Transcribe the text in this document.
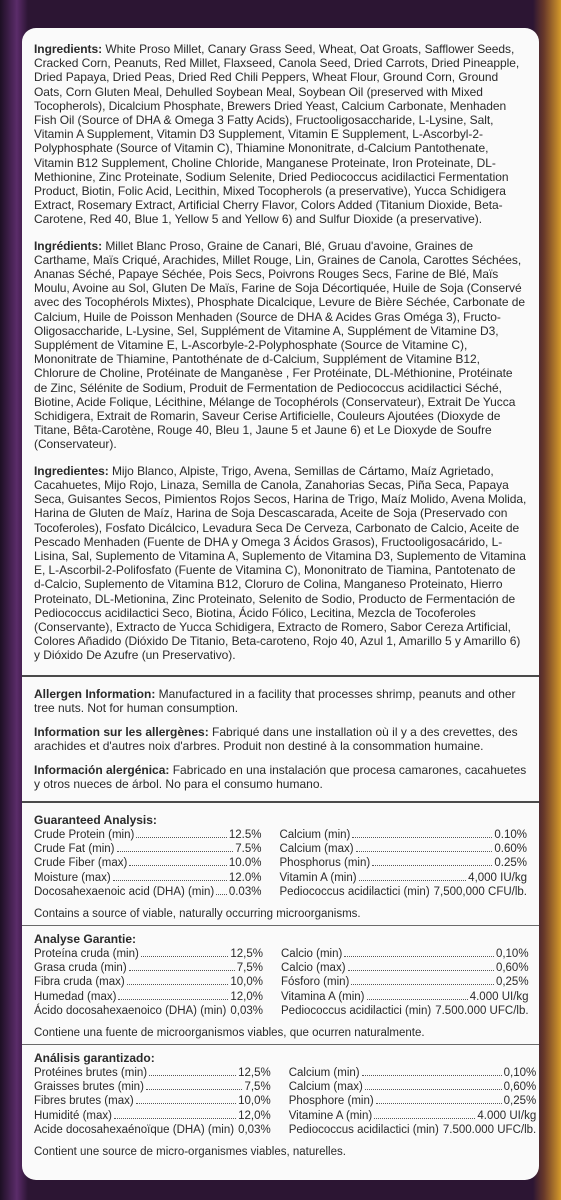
Ingredients: White Proso Millet, Canary Grass Seed, Wheat, Oat Groats, Safflower Seeds, Cracked Corn, Peanuts, Red Millet, Flaxseed, Canola Seed, Dried Carrots, Dried Pineapple, Dried Papaya, Dried Peas, Dried Red Chili Peppers, Wheat Flour, Ground Corn, Ground Oats, Corn Gluten Meal, Dehulled Soybean Meal, Soybean Oil (preserved with Mixed Tocopherols), Dicalcium Phosphate, Brewers Dried Yeast, Calcium Carbonate, Menhaden Fish Oil (Source of DHA & Omega 3 Fatty Acids), Fructooligosaccharide, L-Lysine, Salt, Vitamin A Supplement, Vitamin D3 Supplement, Vitamin E Supplement, L-Ascorbyl-2-Polyphosphate (Source of Vitamin C), Thiamine Mononitrate, d-Calcium Pantothenate, Vitamin B12 Supplement, Choline Chloride, Manganese Proteinate, Iron Proteinate, DL-Methionine, Zinc Proteinate, Sodium Selenite, Dried Pediococcus acidilactici Fermentation Product, Biotin, Folic Acid, Lecithin, Mixed Tocopherols (a preservative), Yucca Schidigera Extract, Rosemary Extract, Artificial Cherry Flavor, Colors Added (Titanium Dioxide, Beta-Carotene, Red 40, Blue 1, Yellow 5 and Yellow 6) and Sulfur Dioxide (a preservative).

Ingrédients: Millet Blanc Proso, Graine de Canari, Blé, Gruau d'avoine, Graines de Carthame, Maïs Criqué, Arachides, Millet Rouge, Lin, Graines de Canola, Carottes Séchées, Ananas Séché, Papaye Séchée, Pois Secs, Poivrons Rouges Secs, Farine de Blé, Maïs Moulu, Avoine au Sol, Gluten De Maïs, Farine de Soja Décortiquée, Huile de Soja (Conservé avec des Tocophérols Mixtes), Phosphate Dicalcique, Levure de Bière Séchée, Carbonate de Calcium, Huile de Poisson Menhaden (Source de DHA & Acides Gras Oméga 3), Fructo-Oligosaccharide, L-Lysine, Sel, Supplément de Vitamine A, Supplément de Vitamine D3, Supplément de Vitamine E, L-Ascorbyle-2-Polyphosphate (Source de Vitamine C), Mononitrate de Thiamine, Pantothénate de d-Calcium, Supplément de Vitamine B12, Chlorure de Choline, Protéinate de Manganèse , Fer Protéinate, DL-Méthionine, Protéinate de Zinc, Sélénite de Sodium, Produit de Fermentation de Pediococcus acidilactici Séché, Biotine, Acide Folique, Lécithine, Mélange de Tocophérols (Conservateur), Extrait De Yucca Schidigera, Extrait de Romarin, Saveur Cerise Artificielle, Couleurs Ajoutées (Dioxyde de Titane, Bêta-Carotène, Rouge 40, Bleu 1, Jaune 5 et Jaune 6) et Le Dioxyde de Soufre (Conservateur).

Ingredientes: Mijo Blanco, Alpiste, Trigo, Avena, Semillas de Cártamo, Maíz Agrietado, Cacahuetes, Mijo Rojo, Linaza, Semilla de Canola, Zanahorias Secas, Piña Seca, Papaya Seca, Guisantes Secos, Pimientos Rojos Secos, Harina de Trigo, Maíz Molido, Avena Molida, Harina de Gluten de Maíz, Harina de Soja Descascarada, Aceite de Soja (Preservado con Tocoferoles), Fosfato Dicálcico, Levadura Seca De Cerveza, Carbonato de Calcio, Aceite de Pescado Menhaden (Fuente de DHA y Omega 3 Ácidos Grasos), Fructooligosacárido, L-Lisina, Sal, Suplemento de Vitamina A, Suplemento de Vitamina D3, Suplemento de Vitamina E, L-Ascorbil-2-Polifosfato (Fuente de Vitamina C), Mononitrato de Tiamina, Pantotenato de d-Calcio, Suplemento de Vitamina B12, Cloruro de Colina, Manganeso Proteinato, Hierro Proteinato, DL-Metionina, Zinc Proteinato, Selenito de Sodio, Producto de Fermentación de Pediococcus acidilactici Seco, Biotina, Ácido Fólico, Lecitina, Mezcla de Tocoferoles (Conservante), Extracto de Yucca Schidigera, Extracto de Romero, Sabor Cereza Artificial, Colores Añadido (Dióxido De Titanio, Beta-caroteno, Rojo 40, Azul 1, Amarillo 5 y Amarillo 6) y Dióxido De Azufre (un Preservativo).

Allergen Information: Manufactured in a facility that processes shrimp, peanuts and other tree nuts. Not for human consumption.

Information sur les allergènes: Fabriqué dans une installation où il y a des crevettes, des arachides et d'autres noix d'arbres. Produit non destiné à la consommation humaine.

Información alergénica: Fabricado en una instalación que procesa camarones, cacahuetes y otros nueces de árbol. No para el consumo humano.

Guaranteed Analysis:
Crude Protein (min)	12.5%
Crude Fat (min)	7.5%
Crude Fiber (max)	10.0%
Moisture (max)	12.0%
Docosahexaenoic acid (DHA) (min) 0.03%
Calcium (min)	0.10%
Calcium (max)	0.60%
Phosphorus (min)	0.25%
Vitamin A (min)	4,000 IU/kg
Pediococcus acidilactici (min) 7,500,000 CFU/lb.

Contains a source of viable, naturally occurring microorganisms.

Analyse Garantie:
Proteína cruda (min)	12,5%
Grasa cruda (min)	7,5%
Fibra cruda (max)	10,0%
Humedad (max)	12,0%
Ácido docosahexaenoico (DHA) (min) 0,03%
Calcio (min)	0,10%
Calcio (max)	0,60%
Fósforo (min)	0,25%
Vitamina A (min)	4.000 UI/kg
Pediococcus acidilactici (min) 7.500.000 UFC/lb.

Contiene una fuente de microorganismos viables, que ocurren naturalmente.

Análisis garantizado:
Protéines brutes (min)	12,5%
Graisses brutes (min)	7,5%
Fibres brutes (max)	10,0%
Humidité (max)	12,0%
Acide docosahexaénoïque (DHA) (min) 0,03%
Calcium (min)	0,10%
Calcium (max)	0,60%
Phosphore (min)	0,25%
Vitamine A (min)	4.000 UI/kg
Pediococcus acidilactici (min) 7.500.000 UFC/lb.

Contient une source de micro-organismes viables, naturelles.
